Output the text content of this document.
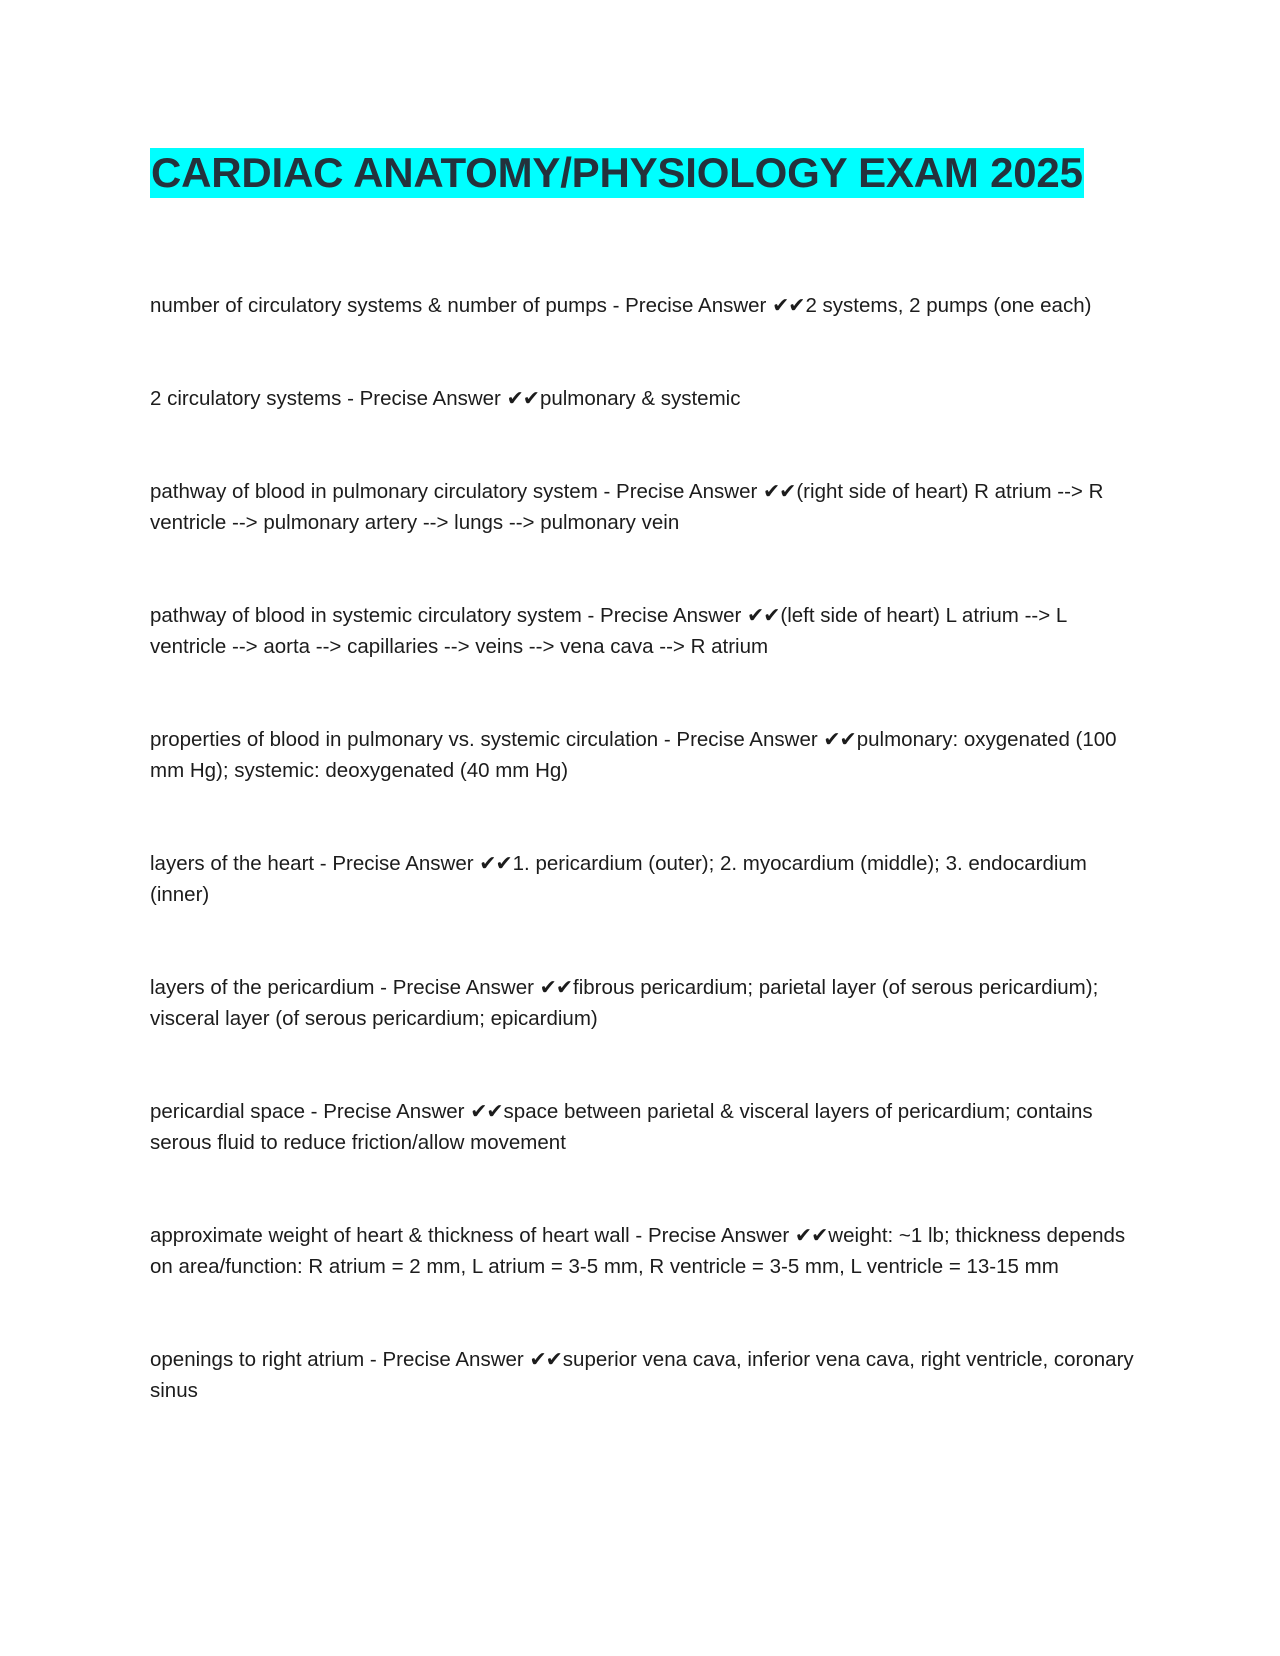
CARDIAC ANATOMY/PHYSIOLOGY EXAM 2025
number of circulatory systems & number of pumps - Precise Answer ✔✔2 systems, 2 pumps (one each)
2 circulatory systems - Precise Answer ✔✔pulmonary & systemic
pathway of blood in pulmonary circulatory system - Precise Answer ✔✔(right side of heart) R atrium --> R ventricle --> pulmonary artery --> lungs --> pulmonary vein
pathway of blood in systemic circulatory system - Precise Answer ✔✔(left side of heart) L atrium --> L ventricle --> aorta --> capillaries --> veins --> vena cava --> R atrium
properties of blood in pulmonary vs. systemic circulation - Precise Answer ✔✔pulmonary: oxygenated (100 mm Hg); systemic: deoxygenated (40 mm Hg)
layers of the heart - Precise Answer ✔✔1. pericardium (outer); 2. myocardium (middle); 3. endocardium (inner)
layers of the pericardium - Precise Answer ✔✔fibrous pericardium; parietal layer (of serous pericardium); visceral layer (of serous pericardium; epicardium)
pericardial space - Precise Answer ✔✔space between parietal & visceral layers of pericardium; contains serous fluid to reduce friction/allow movement
approximate weight of heart & thickness of heart wall - Precise Answer ✔✔weight: ~1 lb; thickness depends on area/function: R atrium = 2 mm, L atrium = 3-5 mm, R ventricle = 3-5 mm, L ventricle = 13-15 mm
openings to right atrium - Precise Answer ✔✔superior vena cava, inferior vena cava, right ventricle, coronary sinus
